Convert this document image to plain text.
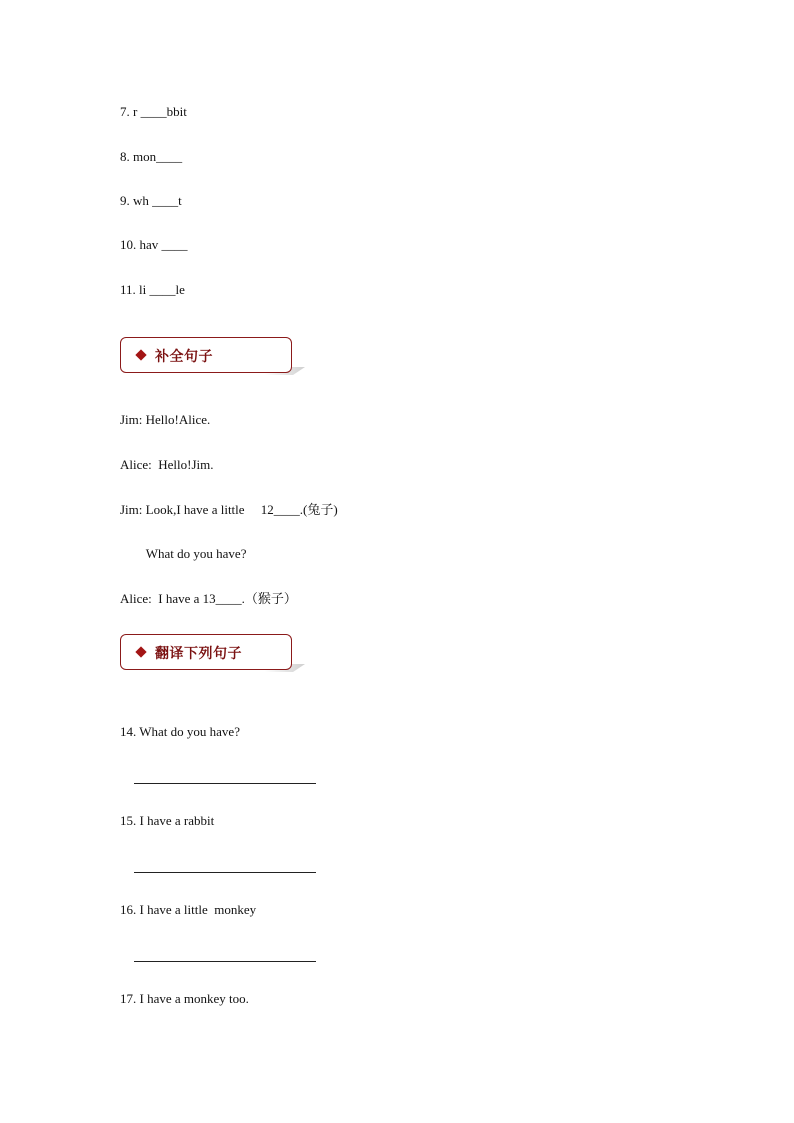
7. r ____bbit
8. mon____
9. wh ____t
10. hav ____
11. li ____le
补全句子
Jim: Hello!Alice.
Alice:  Hello!Jim.
Jim: Look,I have a little     12____.(兔子)
What do you have?
Alice:  I have a 13____.（猴子）
翻译下列句子
14. What do you have?
15. I have a rabbit
16. I have a little  monkey
17. I have a monkey too.
